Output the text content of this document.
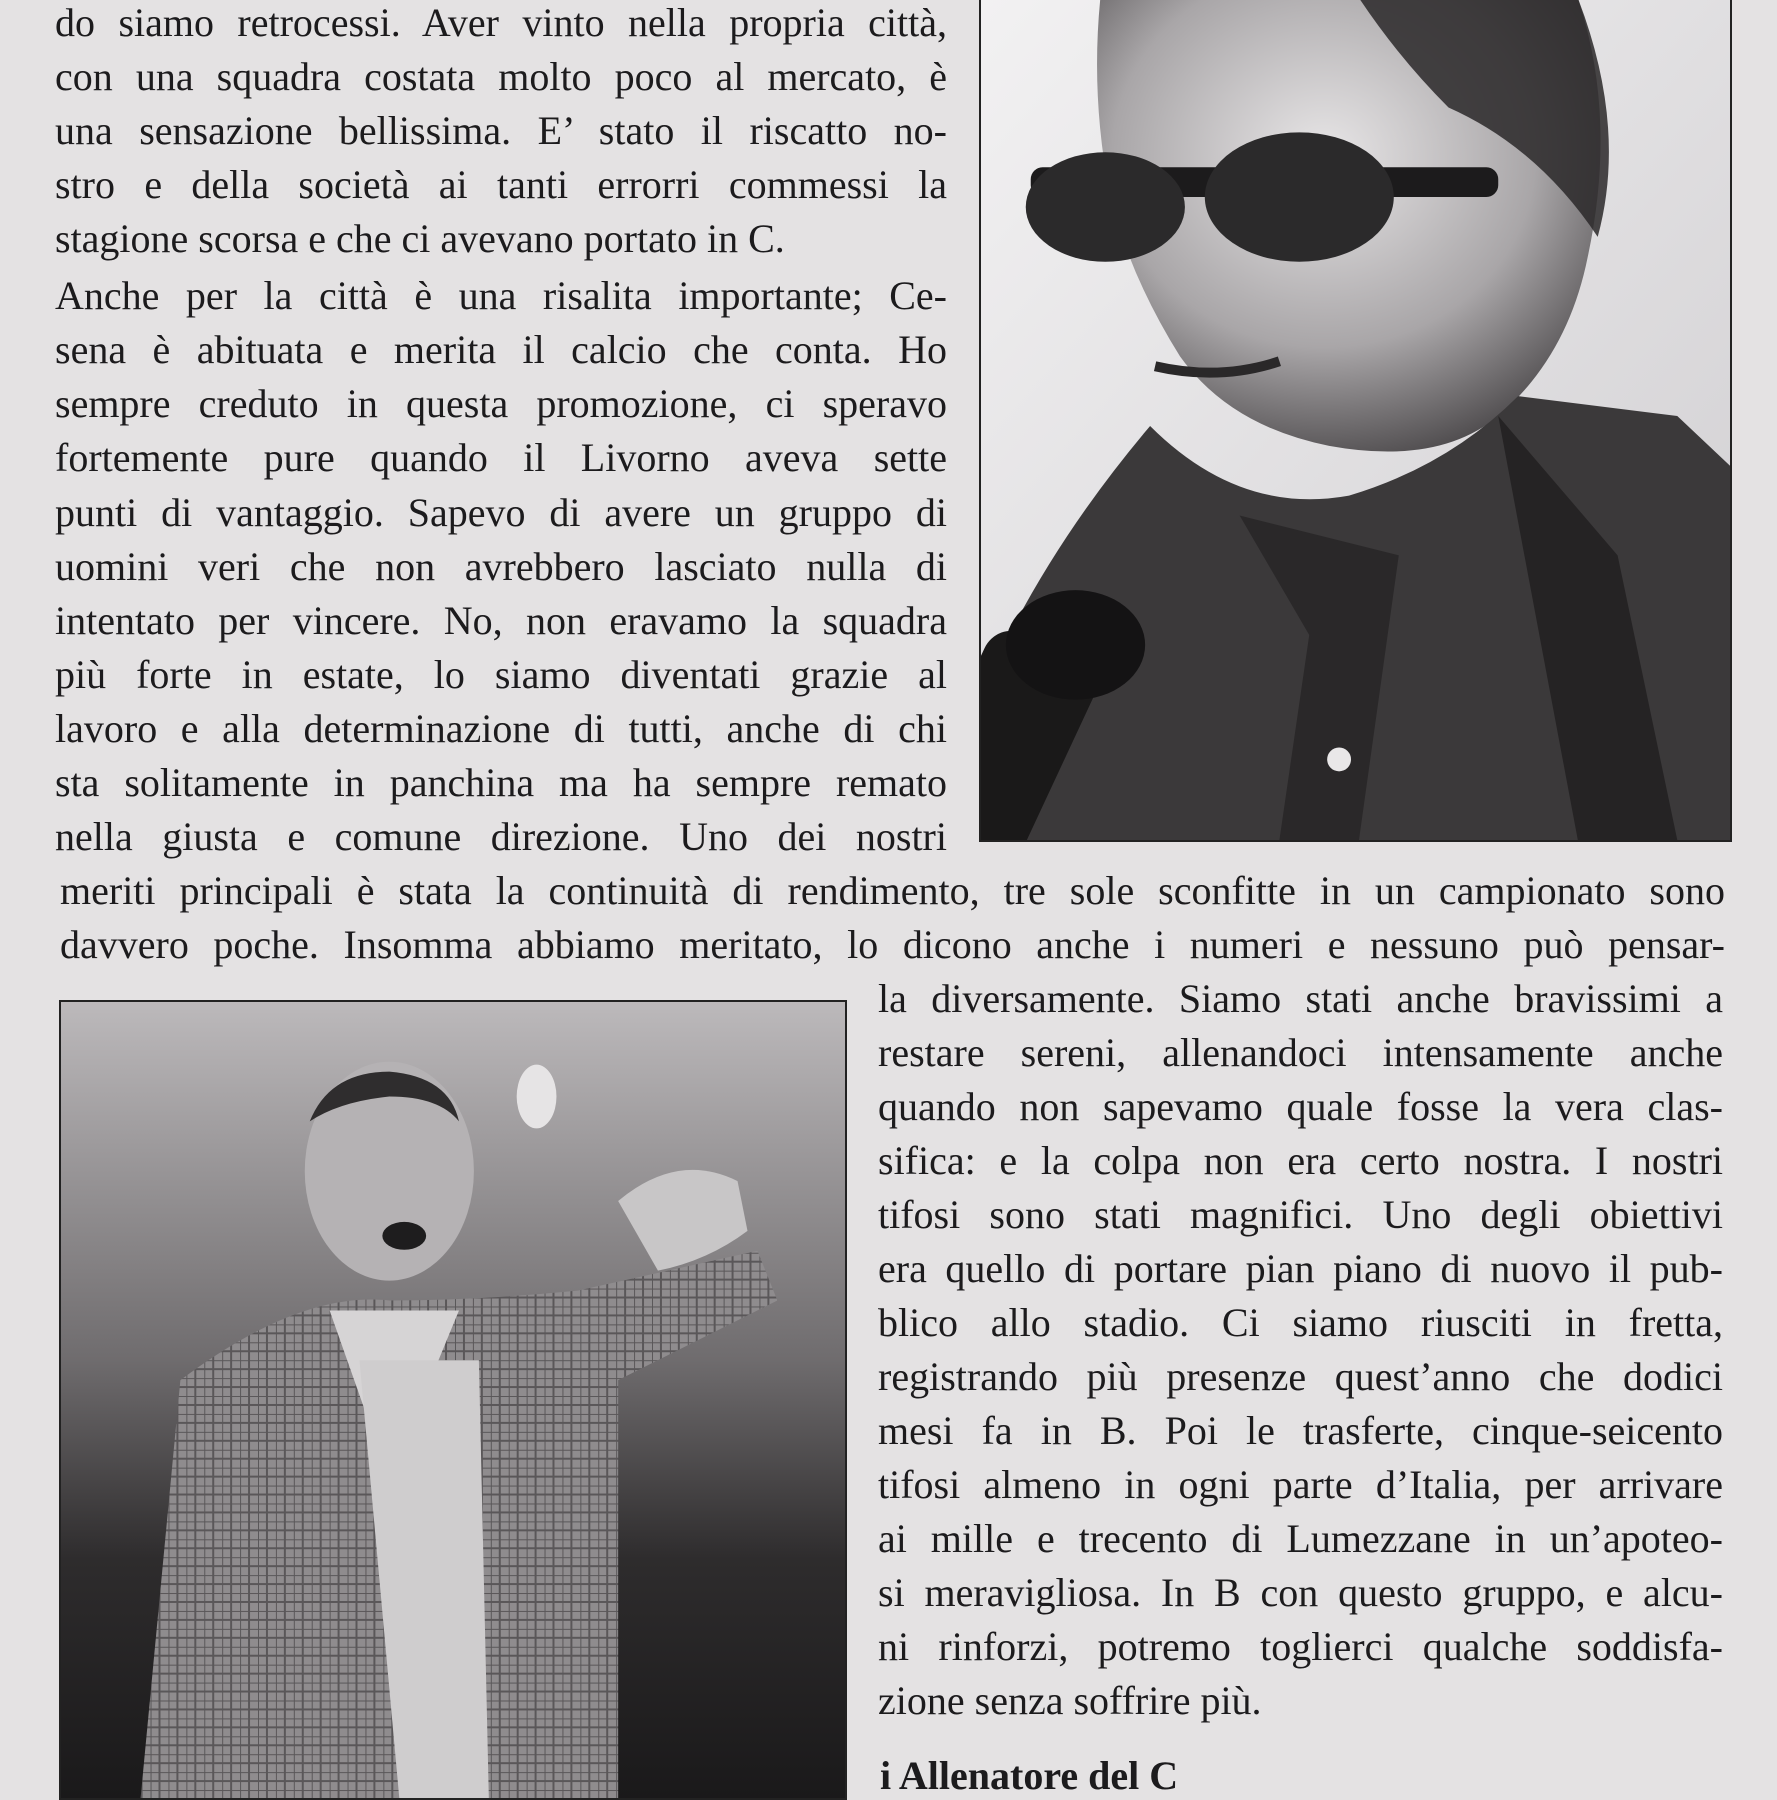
do siamo retrocessi. Aver vinto nella propria città,
con una squadra costata molto poco al mercato, è
una sensazione bellissima. E’ stato il riscatto no-
stro e della società ai tanti errorri commessi la
stagione scorsa e che ci avevano portato in C.
Anche per la città è una risalita importante; Ce-
sena è abituata e merita il calcio che conta. Ho
sempre creduto in questa promozione, ci speravo
fortemente pure quando il Livorno aveva sette
punti di vantaggio. Sapevo di avere un gruppo di
uomini veri che non avrebbero lasciato nulla di
intentato per vincere. No, non eravamo la squadra
più forte in estate, lo siamo diventati grazie al
lavoro e alla determinazione di tutti, anche di chi
sta solitamente in panchina ma ha sempre remato
nella giusta e comune direzione. Uno dei nostri
meriti principali è stata la continuità di rendimento, tre sole sconfitte in un campionato sono
davvero poche. Insomma abbiamo meritato, lo dicono anche i numeri e nessuno può pensar-
la diversamente. Siamo stati anche bravissimi a
restare sereni, allenandoci intensamente anche
quando non sapevamo quale fosse la vera clas-
sifica: e la colpa non era certo nostra. I nostri
tifosi sono stati magnifici. Uno degli obiettivi
era quello di portare pian piano di nuovo il pub-
blico allo stadio. Ci siamo riusciti in fretta,
registrando più presenze quest’anno che dodici
mesi fa in B. Poi le trasferte, cinque-seicento
tifosi almeno in ogni parte d’Italia, per arrivare
ai mille e trecento di Lumezzane in un’apoteo-
si meravigliosa. In B con questo gruppo, e alcu-
ni rinforzi, potremo toglierci qualche soddisfa-
zione senza soffrire più.
i Allenatore del C
